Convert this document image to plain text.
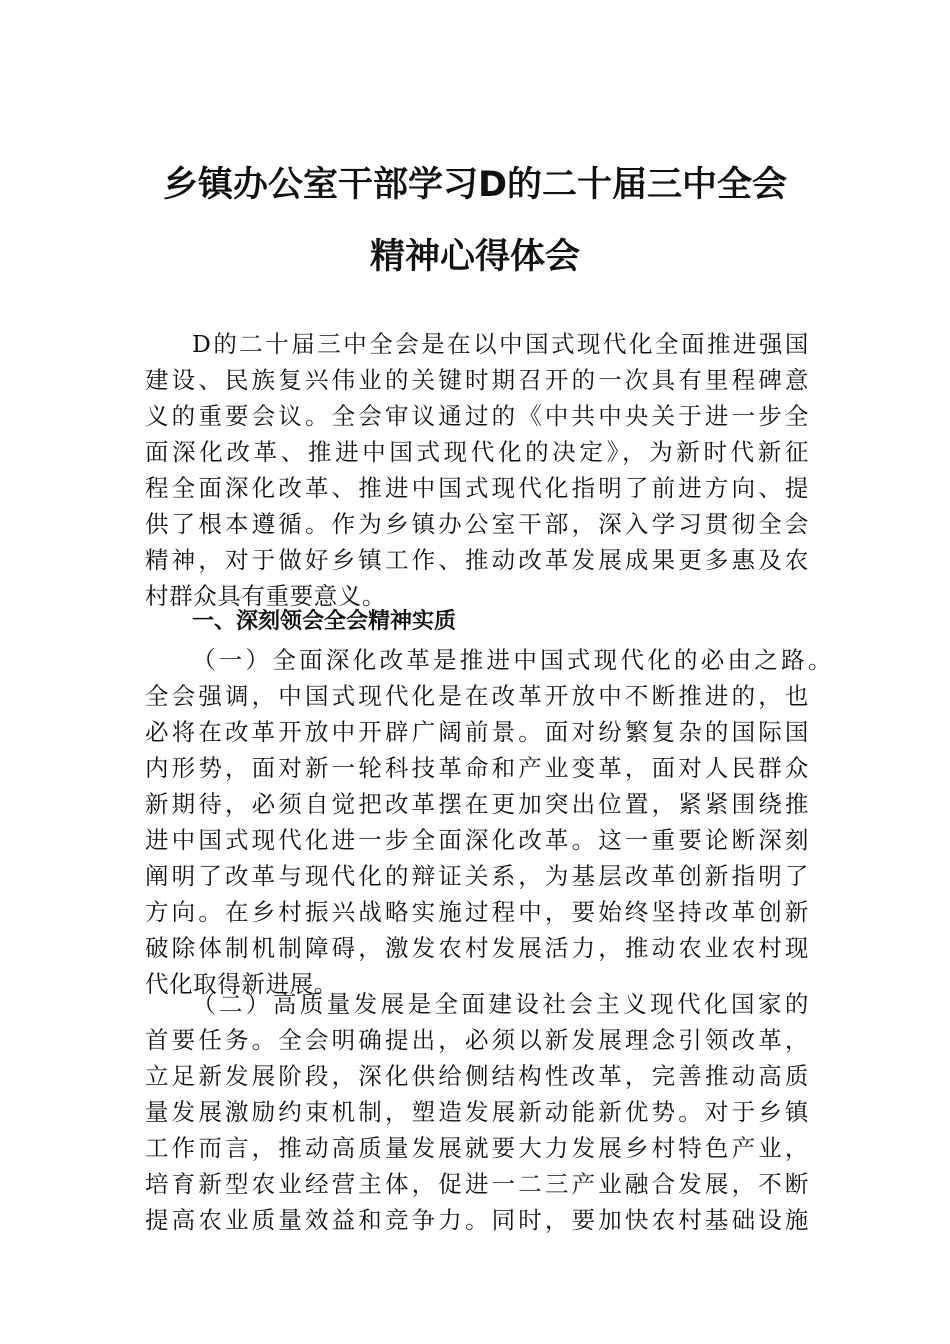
乡镇办公室干部学习D的二十届三中全会
精神心得体会
D的二十届三中全会是在以中国式现代化全面推进强国
建设、民族复兴伟业的关键时期召开的一次具有里程碑意
义的重要会议。全会审议通过的《中共中央关于进一步全
面深化改革、推进中国式现代化的决定》，为新时代新征
程全面深化改革、推进中国式现代化指明了前进方向、提
供了根本遵循。作为乡镇办公室干部，深入学习贯彻全会
精神，对于做好乡镇工作、推动改革发展成果更多惠及农
村群众具有重要意义。
一、深刻领会全会精神实质
（一）全面深化改革是推进中国式现代化的必由之路。
全会强调，中国式现代化是在改革开放中不断推进的，也
必将在改革开放中开辟广阔前景。面对纷繁复杂的国际国
内形势，面对新一轮科技革命和产业变革，面对人民群众
新期待，必须自觉把改革摆在更加突出位置，紧紧围绕推
进中国式现代化进一步全面深化改革。这一重要论断深刻
阐明了改革与现代化的辩证关系，为基层改革创新指明了
方向。在乡村振兴战略实施过程中，要始终坚持改革创新
破除体制机制障碍，激发农村发展活力，推动农业农村现
代化取得新进展。
（二）高质量发展是全面建设社会主义现代化国家的
首要任务。全会明确提出，必须以新发展理念引领改革，
立足新发展阶段，深化供给侧结构性改革，完善推动高质
量发展激励约束机制，塑造发展新动能新优势。对于乡镇
工作而言，推动高质量发展就要大力发展乡村特色产业，
培育新型农业经营主体，促进一二三产业融合发展，不断
提高农业质量效益和竞争力。同时，要加快农村基础设施
